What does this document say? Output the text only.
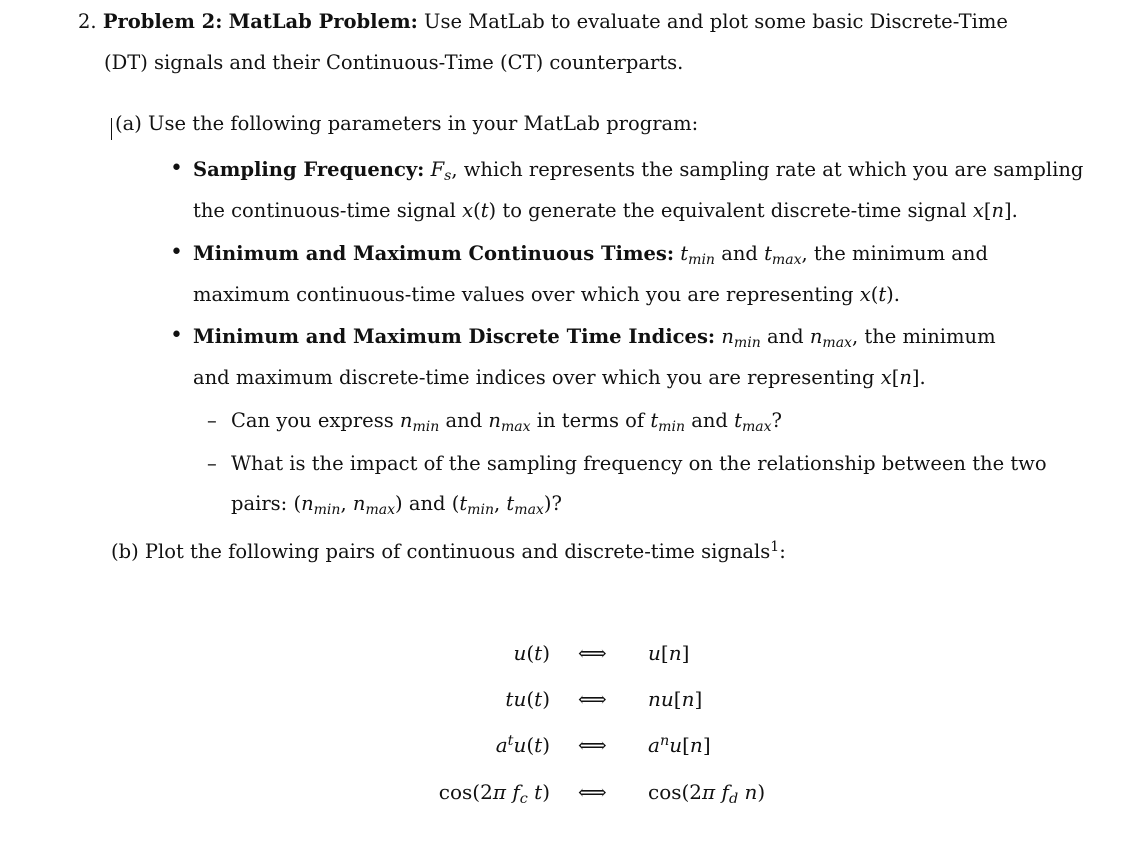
2. Problem 2: MatLab Problem: Use MatLab to evaluate and plot some basic Discrete-Time
(DT) signals and their Continuous-Time (CT) counterparts.
(a) Use the following parameters in your MatLab program:
• Sampling Frequency: $F_s$, which represents the sampling rate at which you are sampling
the continuous-time signal x(t) to generate the equivalent discrete-time signal x[n].
• Minimum and Maximum Continuous Times: $t_{min}$ and $t_{max}$, the minimum and
maximum continuous-time values over which you are representing x(t).
• Minimum and Maximum Discrete Time Indices: $n_{min}$ and $n_{max}$, the minimum
and maximum discrete-time indices over which you are representing x[n].
– Can you express $n_{min}$ and $n_{max}$ in terms of $t_{min}$ and $t_{max}$?
– What is the impact of the sampling frequency on the relationship between the two
pairs: ($n_{min}$, $n_{max}$) and ($t_{min}$, $t_{max}$)?
(b) Plot the following pairs of continuous and discrete-time signals$^1$:
u(t) ⟺ u[n]
tu(t) ⟺ nu[n]
$a^tu(t)$ ⟺ $a^nu[n]$
cos(2π $f_c$ t) ⟺ cos(2π $f_d$ n)
